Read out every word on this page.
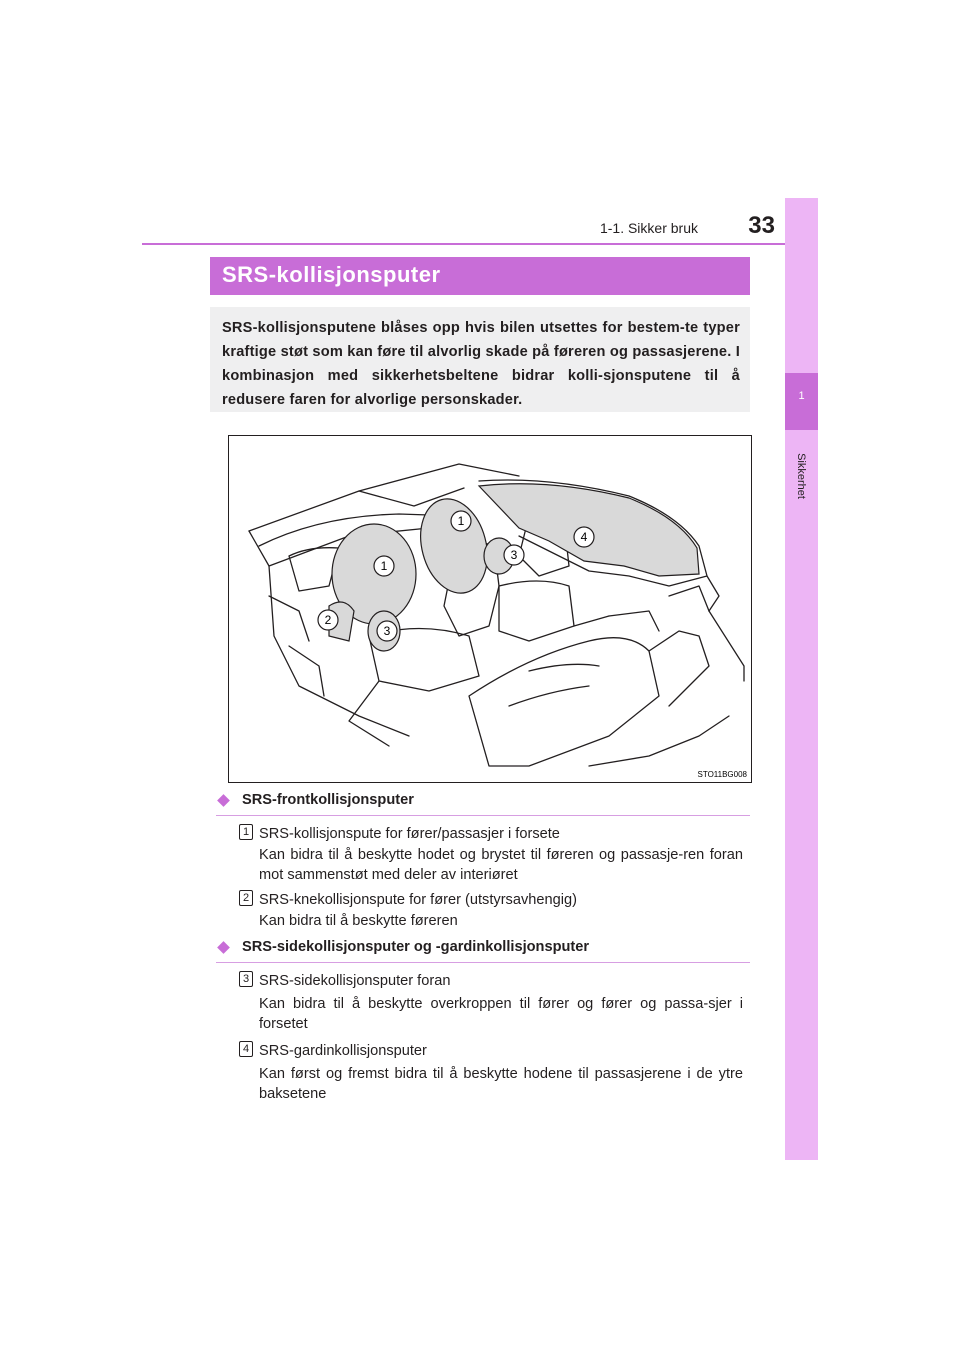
1-1. Sikker bruk	33
1
Sikkerhet
SRS-kollisjonsputer
SRS-kollisjonsputene blåses opp hvis bilen utsettes for bestem-te typer kraftige støt som kan føre til alvorlig skade på føreren og passasjerene. I kombinasjon med sikkerhetsbeltene bidrar kolli-sjonsputene til å redusere faren for alvorlige personskader.
1
1
2
3
3
4
STO11BG008
SRS-frontkollisjonsputer
1 SRS-kollisjonspute for fører/passasjer i forsete
Kan bidra til å beskytte hodet og brystet til føreren og passasje-ren foran mot sammenstøt med deler av interiøret
2 SRS-knekollisjonspute for fører (utstyrsavhengig)
Kan bidra til å beskytte føreren
SRS-sidekollisjonsputer og -gardinkollisjonsputer
3 SRS-sidekollisjonsputer foran
Kan bidra til å beskytte overkroppen til fører og fører og passa-sjer i forsetet
4 SRS-gardinkollisjonsputer
Kan først og fremst bidra til å beskytte hodene til passasjerene i de ytre baksetene
